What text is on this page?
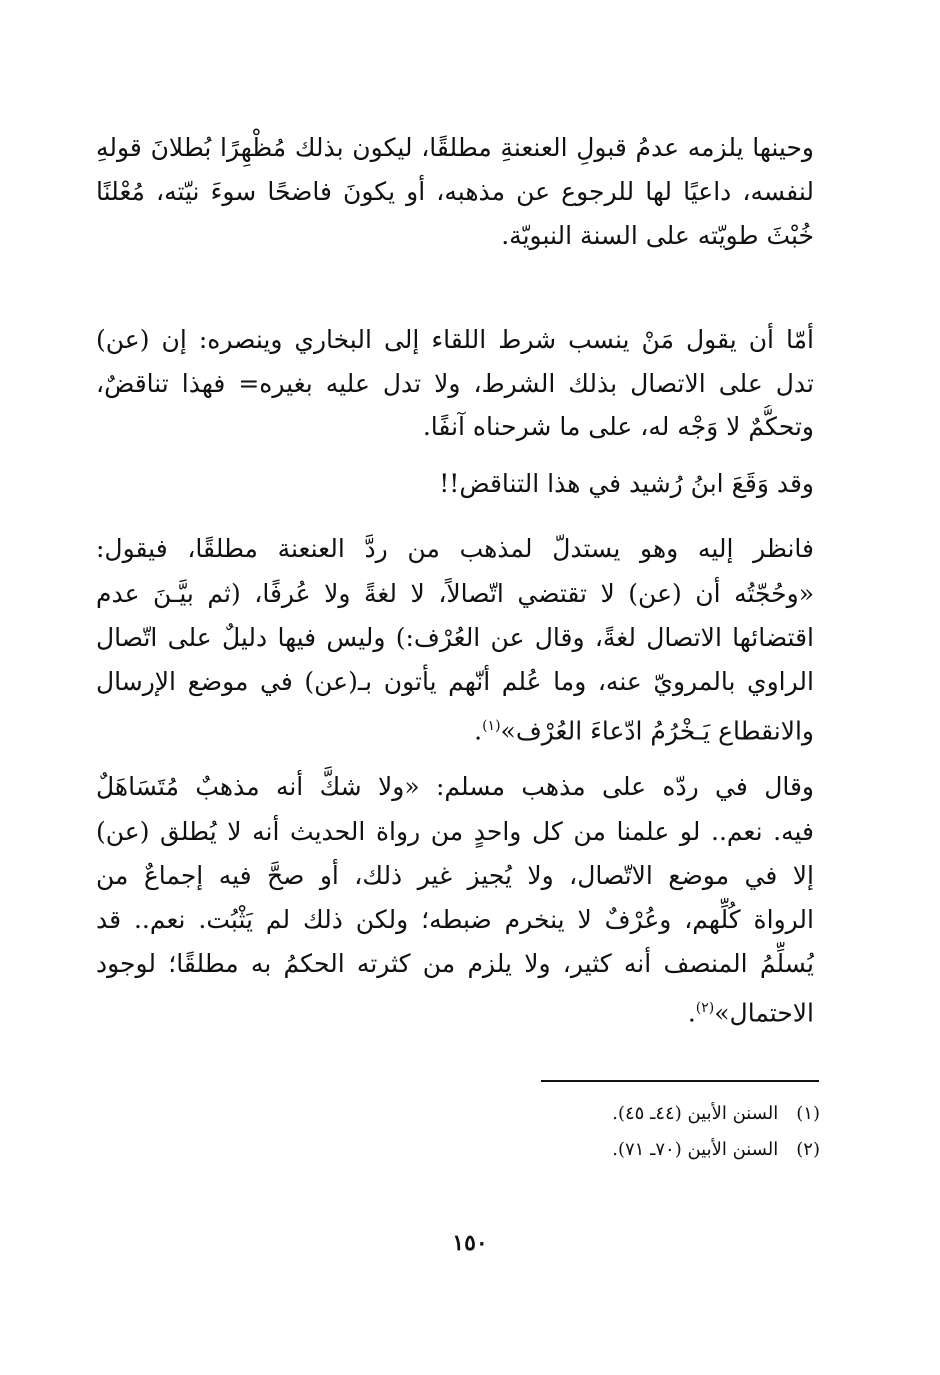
وحينها يلزمه عدمُ قبولِ العنعنةِ مطلقًا، ليكون بذلك مُظْهِرًا بُطلانَ قولهِ
لنفسه، داعيًا لها للرجوع عن مذهبه، أو يكونَ فاضحًا سوءَ نيّته، مُعْلنًا
خُبْثَ طويّته على السنة النبويّة.
أمّا أن يقول مَنْ ينسب شرط اللقاء إلى البخاري وينصره: إن (عن)
تدل على الاتصال بذلك الشرط، ولا تدل عليه بغيره= فهذا تناقضٌ،
وتحكُّمٌ لا وَجْه له، على ما شرحناه آنفًا.
وقد وَقَعَ ابنُ رُشيد في هذا التناقض!!
فانظر إليه وهو يستدلّ لمذهب من ردَّ العنعنة مطلقًا، فيقول:
«وحُجّتُه أن (عن) لا تقتضي اتّصالاً، لا لغةً ولا عُرفًا، (ثم بيَّـنَ عدم
اقتضائها الاتصال لغةً، وقال عن العُرْف:) وليس فيها دليلٌ على اتّصال
الراوي بالمرويّ عنه، وما عُلم أنّهم يأتون بـ(عن) في موضع الإرسال
والانقطاع يَـخْرُمُ ادّعاءَ العُرْف»$^{(١)}$.
وقال في ردّه على مذهب مسلم: «ولا شكَّ أنه مذهبٌ مُتَسَاهَلٌ
فيه. نعم.. لو علمنا من كل واحدٍ من رواة الحديث أنه لا يُطلق (عن)
إلا في موضع الاتّصال، ولا يُجيز غير ذلك، أو صحَّ فيه إجماعٌ من
الرواة كُلِّهم، وعُرْفٌ لا ينخرم ضبطه؛ ولكن ذلك لم يَثْبُت. نعم.. قد
يُسلِّمُ المنصف أنه كثير، ولا يلزم من كثرته الحكمُ به مطلقًا؛ لوجود
الاحتمال»$^{(٢)}$.
(١)السنن الأبين (٤٤ـ ٤٥).
(٢)السنن الأبين (٧٠ـ ٧١).
١٥٠
